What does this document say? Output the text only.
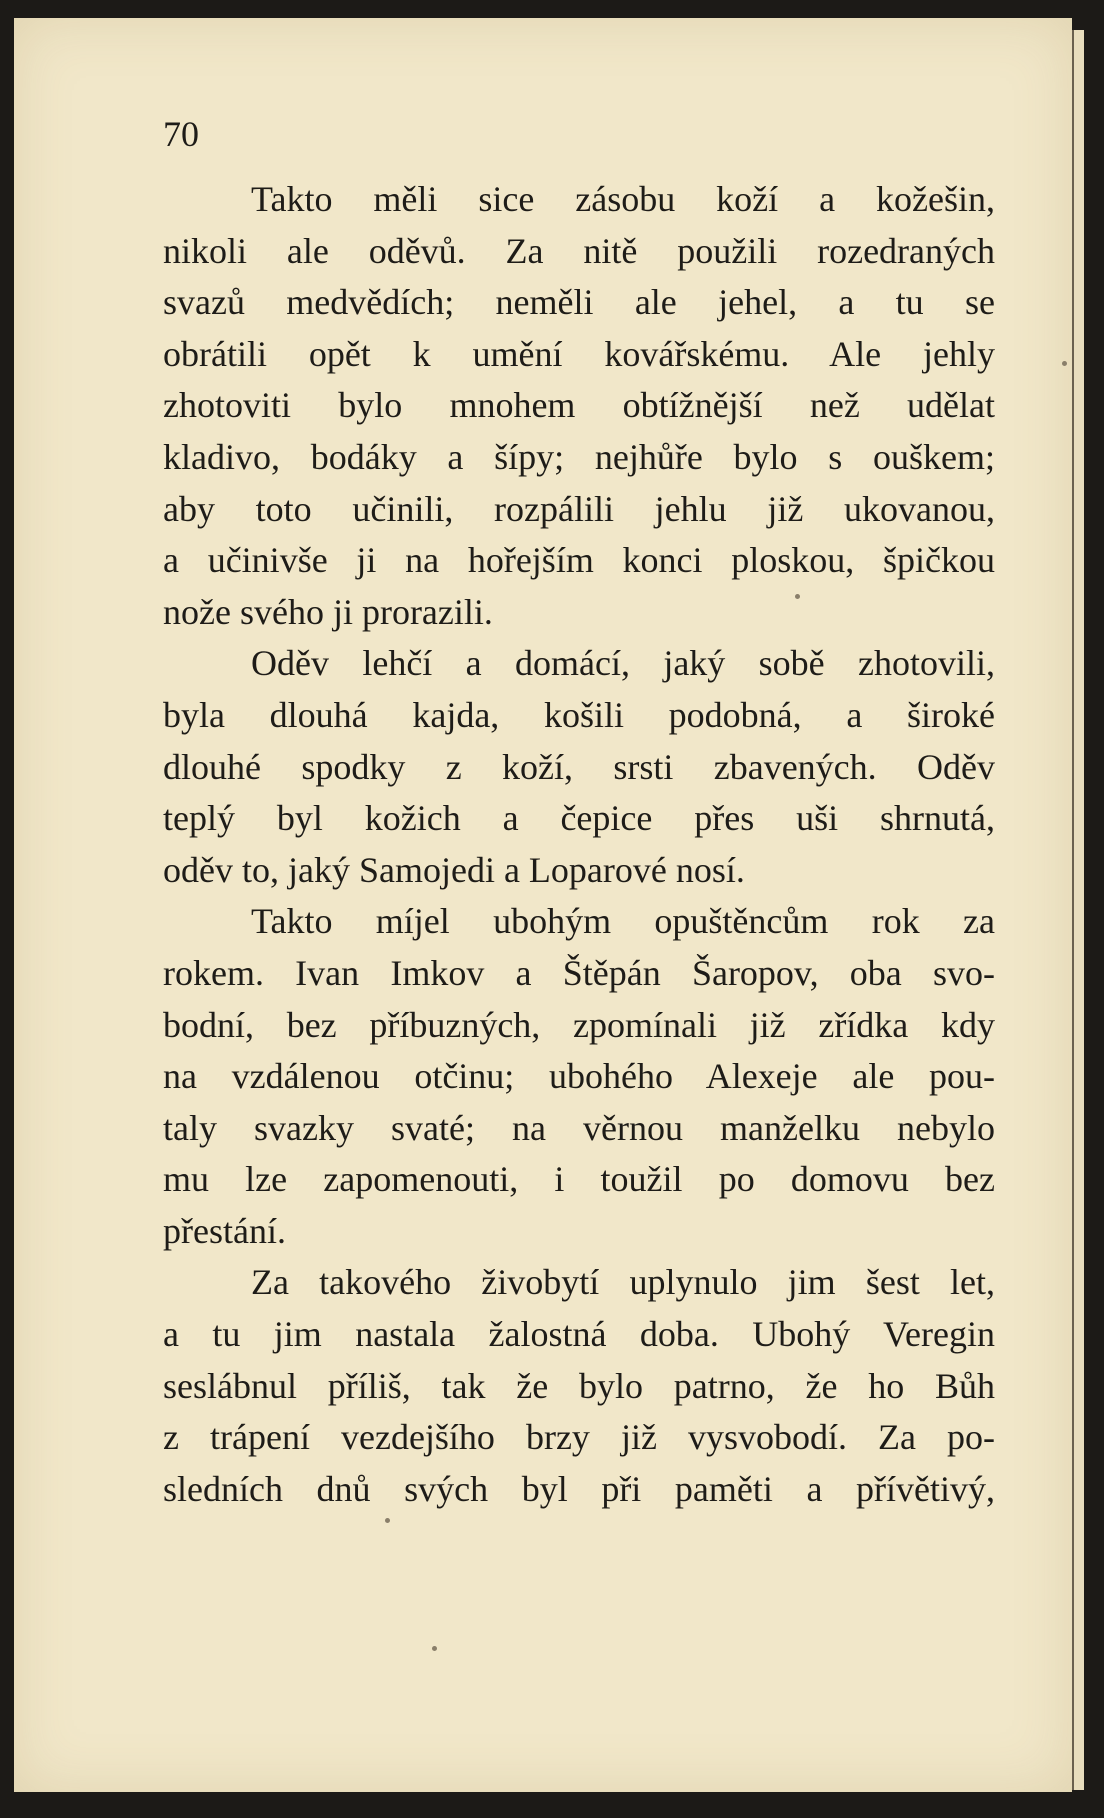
70

Takto měli sice zásobu koží a kožešin,
nikoli ale oděvů. Za nitě použili rozedraných
svazů medvědích; neměli ale jehel, a tu se
obrátili opět k umění kovářskému. Ale jehly
zhotoviti bylo mnohem obtížnější než udělat
kladivo, bodáky a šípy; nejhůře bylo s ouškem;
aby toto učinili, rozpálili jehlu již ukovanou,
a učinivše ji na hořejším konci ploskou, špičkou
nože svého ji prorazili.

Oděv lehčí a domácí, jaký sobě zhotovili,
byla dlouhá kajda, košili podobná, a široké
dlouhé spodky z koží, srsti zbavených. Oděv
teplý byl kožich a čepice přes uši shrnutá,
oděv to, jaký Samojedi a Loparové nosí.

Takto míjel ubohým opuštěncům rok za
rokem. Ivan Imkov a Štěpán Šaropov, oba svo-
bodní, bez příbuzných, zpomínali již zřídka kdy
na vzdálenou otčinu; ubohého Alexeje ale pou-
taly svazky svaté; na věrnou manželku nebylo
mu lze zapomenouti, i toužil po domovu bez
přestání.

Za takového živobytí uplynulo jim šest let,
a tu jim nastala žalostná doba. Ubohý Veregin
seslábnul příliš, tak že bylo patrno, že ho Bůh
z trápení vezdejšího brzy již vysvobodí. Za po-
sledních dnů svých byl při paměti a přívětivý,
